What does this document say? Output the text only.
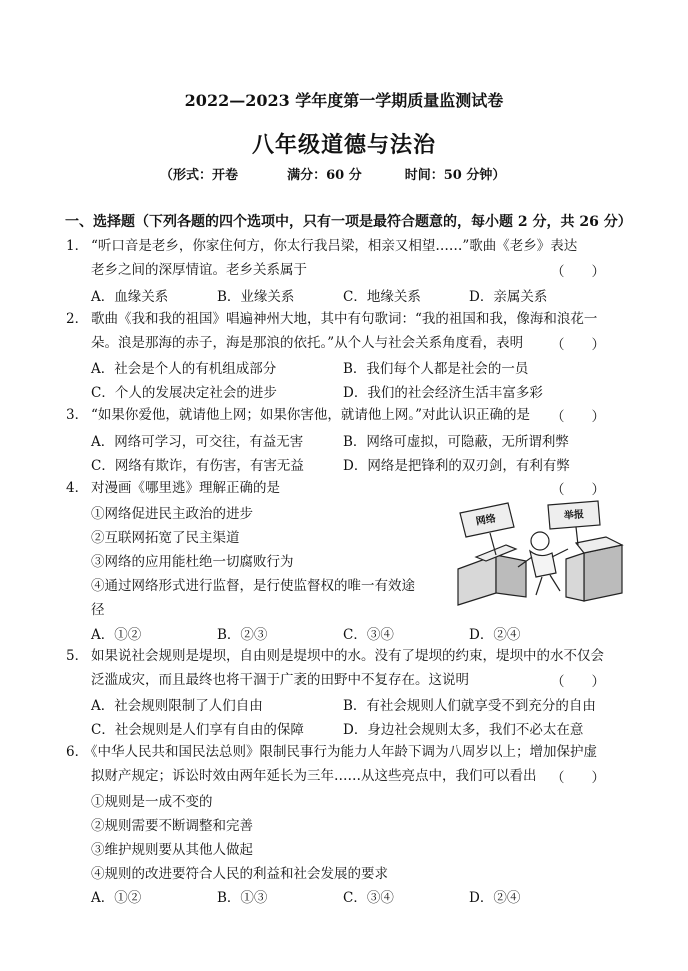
2022—2023 学年度第一学期质量监测试卷
八年级道德与法治
（形式：开卷	满分：60 分	时间：50 分钟）
一、选择题（下列各题的四个选项中，只有一项是最符合题意的，每小题 2 分，共 26 分）
1． “听口音是老乡，你家住何方，你太行我吕梁，相亲又相望……”歌曲《老乡》表达
老乡之间的深厚情谊。老乡关系属于	（　　）
A．血缘关系	B．业缘关系	C．地缘关系	D．亲属关系
2． 歌曲《我和我的祖国》唱遍神州大地，其中有句歌词：“我的祖国和我，像海和浪花一
朵。浪是那海的赤子，海是那浪的依托。”从个人与社会关系角度看，表明 （　　）
A．社会是个人的有机组成部分	B．我们每个人都是社会的一员
C．个人的发展决定社会的进步	D．我们的社会经济生活丰富多彩
3． “如果你爱他，就请他上网；如果你害他，就请他上网。”对此认识正确的是 （　　）
A．网络可学习，可交往，有益无害	B．网络可虚拟，可隐蔽，无所谓利弊
C．网络有欺诈，有伤害，有害无益	D．网络是把锋利的双刃剑，有利有弊
4． 对漫画《哪里逃》理解正确的是	（　　）
①网络促进民主政治的进步
②互联网拓宽了民主渠道
③网络的应用能杜绝一切腐败行为
④通过网络形式进行监督，是行使监督权的唯一有效途
径
网络	举报
A．①②	B．②③	C．③④	D．②④
5． 如果说社会规则是堤坝，自由则是堤坝中的水。没有了堤坝的约束，堤坝中的水不仅会
泛滥成灾，而且最终也将干涸于广袤的田野中不复存在。这说明	（　　）
A．社会规则限制了人们自由	B．有社会规则人们就享受不到充分的自由
C．社会规则是人们享有自由的保障	D．身边社会规则太多，我们不必太在意
6．
《中华人民共和国民法总则》限制民事行为能力人年龄下调为八周岁以上；增加保护虚
拟财产规定；诉讼时效由两年延长为三年……从这些亮点中，我们可以看出 （　　）
①规则是一成不变的
②规则需要不断调整和完善
③维护规则要从其他人做起
④规则的改进要符合人民的利益和社会发展的要求
A．①②	B．①③	C．③④	D．②④
